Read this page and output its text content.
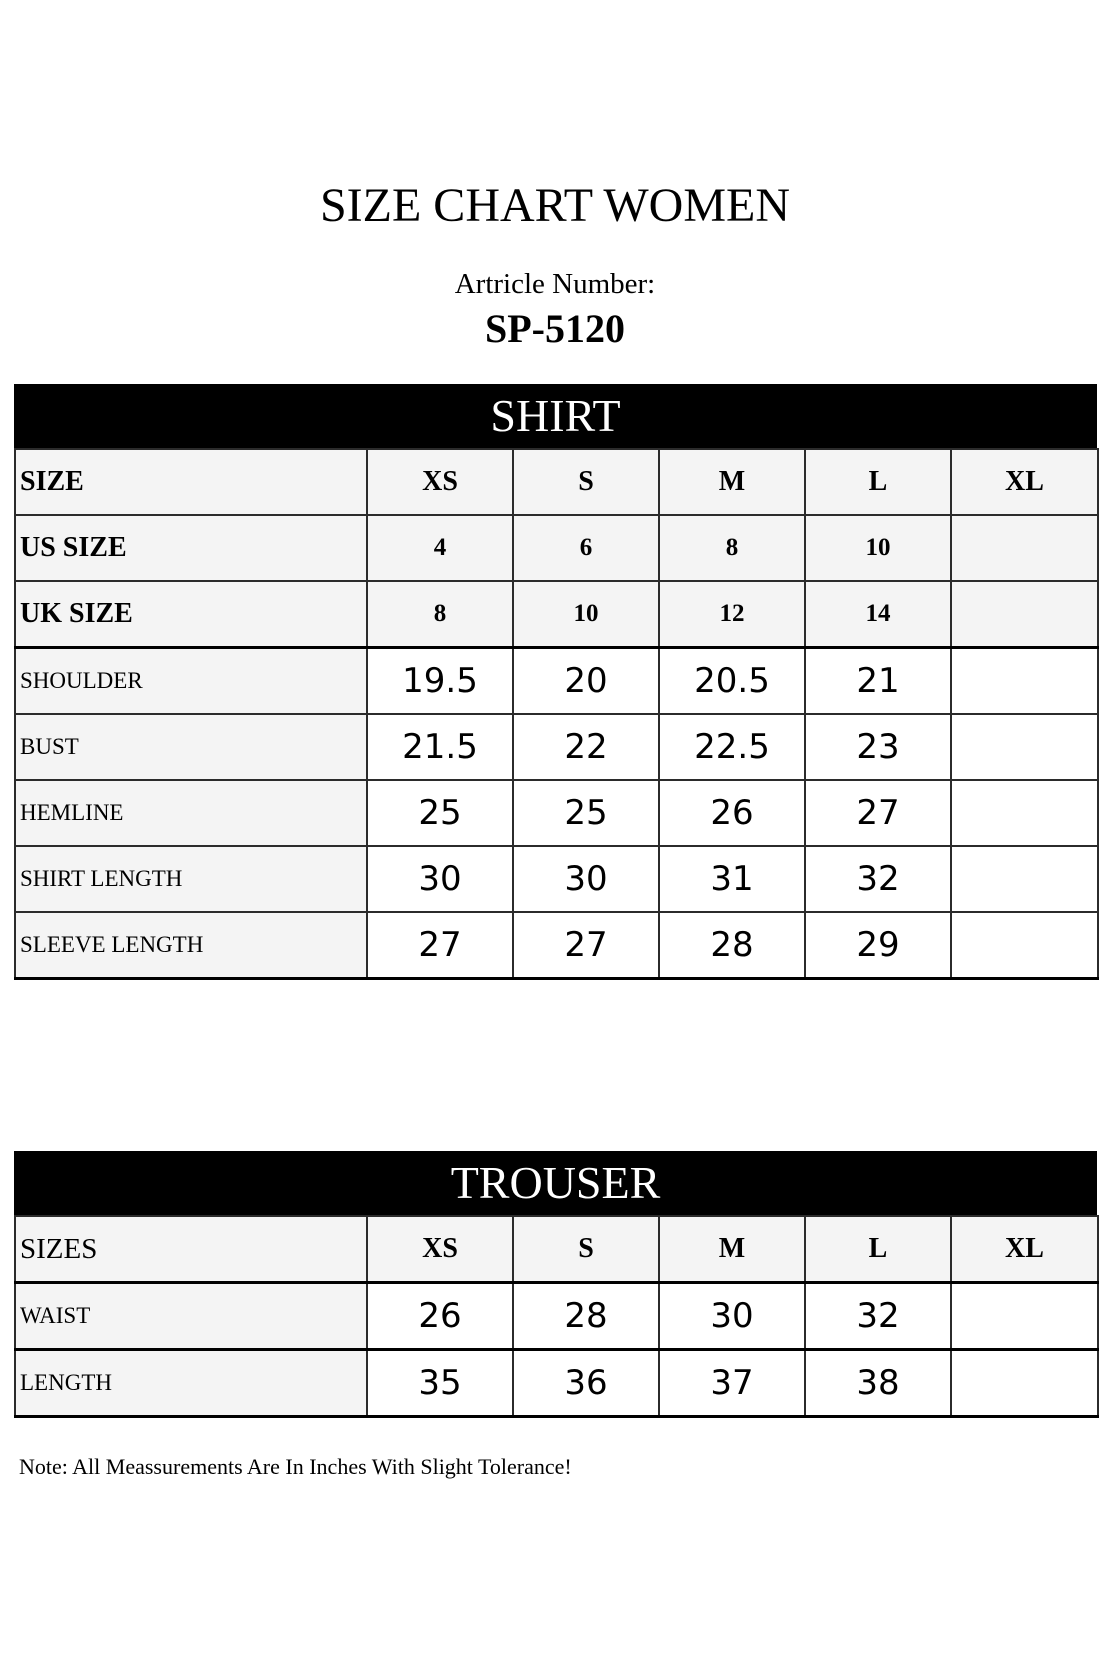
SIZE CHART WOMEN
Artricle Number:
SP-5120
SHIRT
SIZE	XS	S	M	L	XL
US SIZE	4	6	8	10	
UK SIZE	8	10	12	14	
SHOULDER	19.5	20	20.5	21	
BUST	21.5	22	22.5	23	
HEMLINE	25	25	26	27	
SHIRT LENGTH	30	30	31	32	
SLEEVE LENGTH	27	27	28	29	
TROUSER
SIZES	XS	S	M	L	XL
WAIST	26	28	30	32	
LENGTH	35	36	37	38	
Note: All Meassurements Are In Inches With Slight Tolerance!
